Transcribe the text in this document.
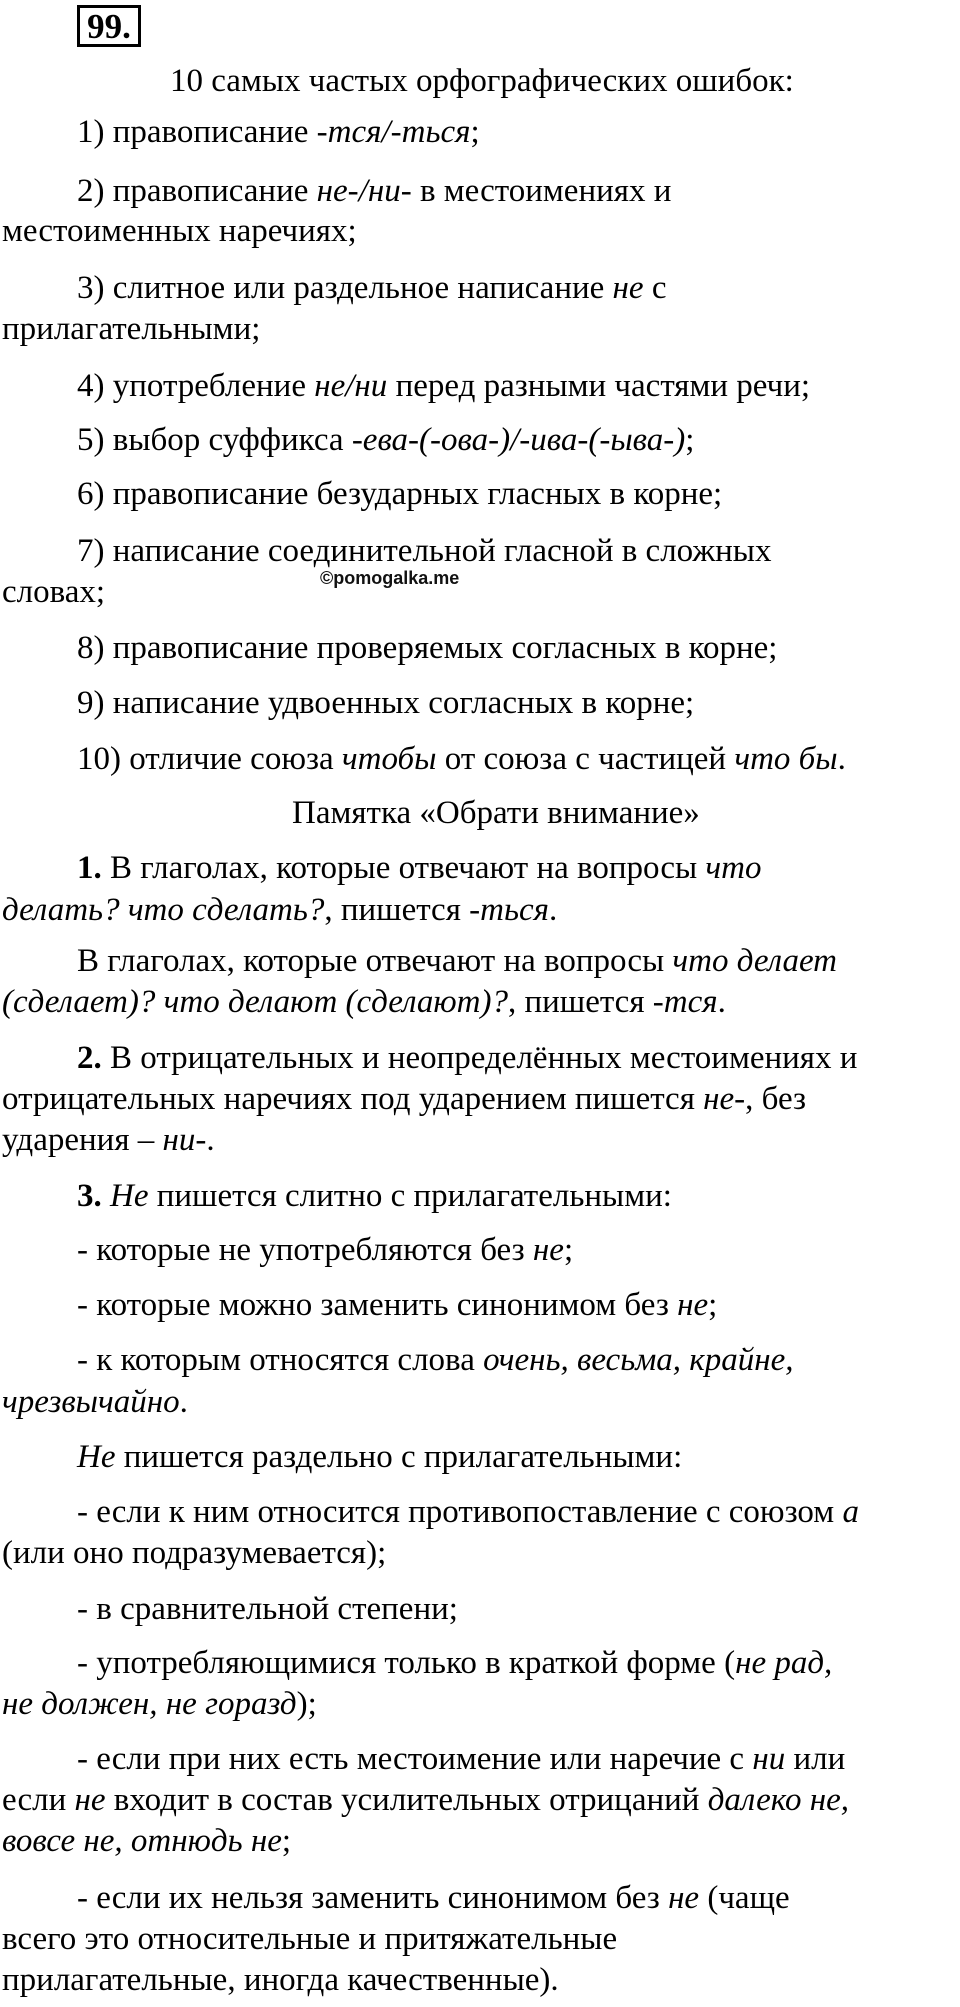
99.
10 самых частых орфографических ошибок:
1) правописание -тся/-ться;
2) правописание не-/ни- в местоимениях и
местоименных наречиях;
3) слитное или раздельное написание не с
прилагательными;
4) употребление не/ни перед разными частями речи;
5) выбор суффикса -ева-(-ова-)/-ива-(-ыва-);
6) правописание безударных гласных в корне;
7) написание соединительной гласной в сложных
словах;	©pomogalka.me
8) правописание проверяемых согласных в корне;
9) написание удвоенных согласных в корне;
10) отличие союза чтобы от союза с частицей что бы.
Памятка «Обрати внимание»
1. В глаголах, которые отвечают на вопросы что
делать? что сделать?, пишется -ться.
В глаголах, которые отвечают на вопросы что делает
(сделает)? что делают (сделают)?, пишется -тся.
2. В отрицательных и неопределённых местоимениях и
отрицательных наречиях под ударением пишется не-, без
ударения – ни-.
3. Не пишется слитно с прилагательными:
- которые не употребляются без не;
- которые можно заменить синонимом без не;
- к которым относятся слова очень, весьма, крайне,
чрезвычайно.
Не пишется раздельно с прилагательными:
- если к ним относится противопоставление с союзом а
(или оно подразумевается);
- в сравнительной степени;
- употребляющимися только в краткой форме (не рад,
не должен, не горазд);
- если при них есть местоимение или наречие с ни или
если не входит в состав усилительных отрицаний далеко не,
вовсе не, отнюдь не;
- если их нельзя заменить синонимом без не (чаще
всего это относительные и притяжательные
прилагательные, иногда качественные).
